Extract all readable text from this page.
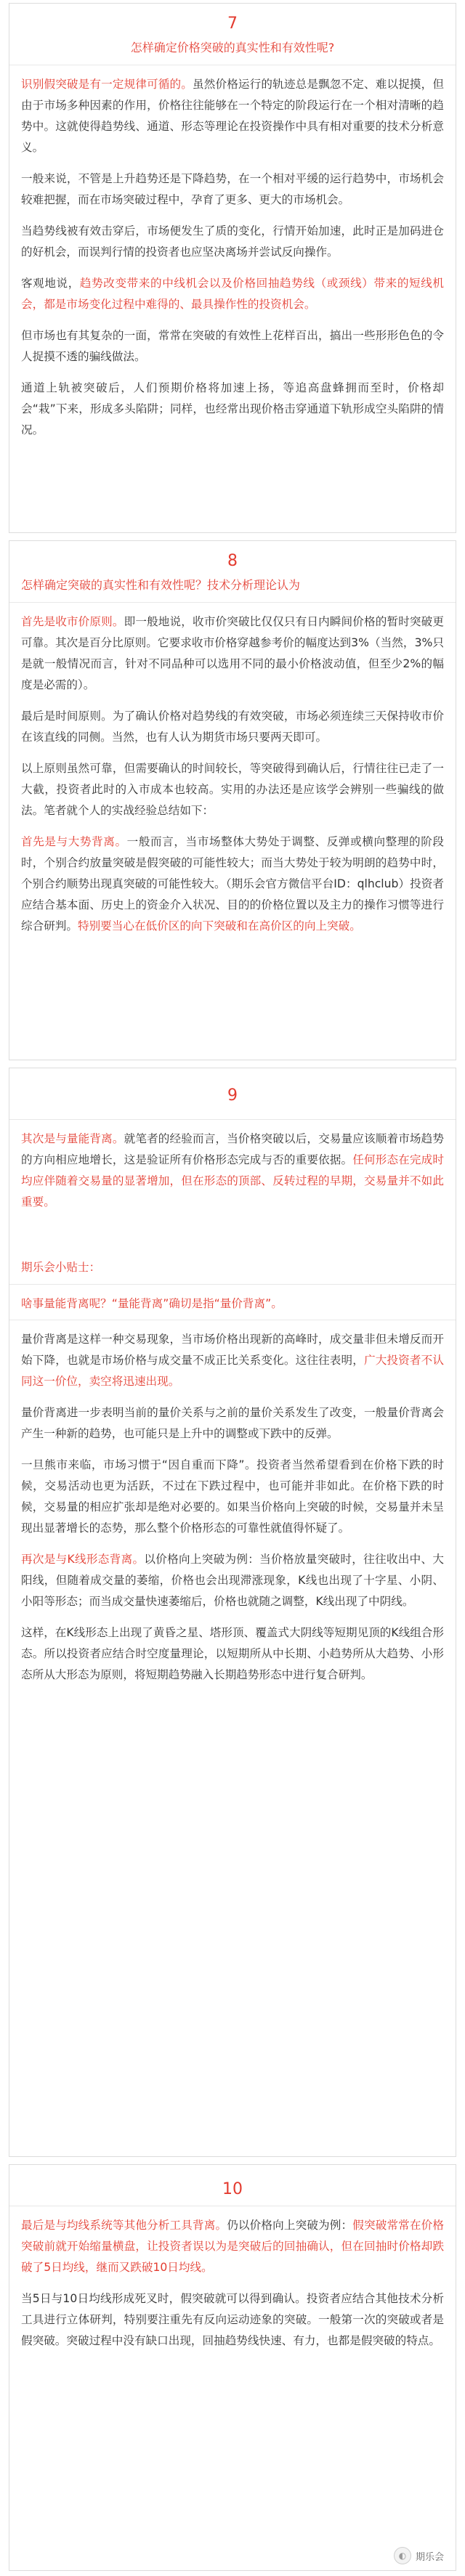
7
怎样确定价格突破的真实性和有效性呢?

识别假突破是有一定规律可循的。虽然价格运行的轨迹总是飘忽不定、难以捉摸，但由于市场多种因素的作用，价格往往能够在一个特定的阶段运行在一个相对清晰的趋势中。这就使得趋势线、通道、形态等理论在投资操作中具有相对重要的技术分析意义。

一般来说，不管是上升趋势还是下降趋势，在一个相对平缓的运行趋势中，市场机会较难把握，而在市场突破过程中，孕育了更多、更大的市场机会。

当趋势线被有效击穿后，市场便发生了质的变化，行情开始加速，此时正是加码进仓的好机会，而误判行情的投资者也应坚决离场并尝试反向操作。

客观地说，趋势改变带来的中线机会以及价格回抽趋势线（或颈线）带来的短线机会，都是市场变化过程中难得的、最具操作性的投资机会。

但市场也有其复杂的一面，常常在突破的有效性上花样百出，搞出一些形形色色的令人捉摸不透的骗线做法。

通道上轨被突破后，人们预期价格将加速上扬，等追高盘蜂拥而至时，价格却会“栽”下来，形成多头陷阱；同样，也经常出现价格击穿通道下轨形成空头陷阱的情况。

8
怎样确定突破的真实性和有效性呢？技术分析理论认为

首先是收市价原则。即一般地说，收市价突破比仅仅只有日内瞬间价格的暂时突破更可靠。其次是百分比原则。它要求收市价格穿越参考价的幅度达到3%（当然，3%只是就一般情况而言，针对不同品种可以选用不同的最小价格波动值，但至少2%的幅度是必需的）。

最后是时间原则。为了确认价格对趋势线的有效突破，市场必须连续三天保持收市价在该直线的同侧。当然，也有人认为期货市场只要两天即可。

以上原则虽然可靠，但需要确认的时间较长，等突破得到确认后，行情往往已走了一大截，投资者此时的入市成本也较高。实用的办法还是应该学会辨别一些骗线的做法。笔者就个人的实战经验总结如下：

首先是与大势背离。一般而言，当市场整体大势处于调整、反弹或横向整理的阶段时，个别合约放量突破是假突破的可能性较大；而当大势处于较为明朗的趋势中时，个别合约顺势出现真突破的可能性较大。（期乐会官方微信平台ID：qlhclub）投资者应结合基本面、历史上的资金介入状况、目的的价格位置以及主力的操作习惯等进行综合研判。特别要当心在低价区的向下突破和在高价区的向上突破。

9

其次是与量能背离。就笔者的经验而言，当价格突破以后，交易量应该顺着市场趋势的方向相应地增长，这是验证所有价格形态完成与否的重要依据。任何形态在完成时均应伴随着交易量的显著增加，但在形态的顶部、反转过程的早期，交易量并不如此重要。

期乐会小贴士：
啥事量能背离呢？“量能背离”确切是指“量价背离”。

量价背离是这样一种交易现象，当市场价格出现新的高峰时，成交量非但未增反而开始下降，也就是市场价格与成交量不成正比关系变化。这往往表明，广大投资者不认同这一价位，卖空将迅速出现。

量价背离进一步表明当前的量价关系与之前的量价关系发生了改变，一般量价背离会产生一种新的趋势，也可能只是上升中的调整或下跌中的反弹。

一旦熊市来临，市场习惯于“因自重而下降”。投资者当然希望看到在价格下跌的时候，交易活动也更为活跃，不过在下跌过程中，也可能并非如此。在价格下跌的时候，交易量的相应扩张却是绝对必要的。如果当价格向上突破的时候，交易量并未呈现出显著增长的态势，那么整个价格形态的可靠性就值得怀疑了。

再次是与K线形态背离。以价格向上突破为例：当价格放量突破时，往往收出中、大阳线，但随着成交量的萎缩，价格也会出现滞涨现象，K线也出现了十字星、小阴、小阳等形态；而当成交量快速萎缩后，价格也就随之调整，K线出现了中阴线。

这样，在K线形态上出现了黄昏之星、塔形顶、覆盖式大阴线等短期见顶的K线组合形态。所以投资者应结合时空度量理论，以短期所从中长期、小趋势所从大趋势、小形态所从大形态为原则，将短期趋势融入长期趋势形态中进行复合研判。

10

最后是与均线系统等其他分析工具背离。仍以价格向上突破为例：假突破常常在价格突破前就开始缩量横盘，让投资者误以为是突破后的回抽确认，但在回抽时价格却跌破了5日均线，继而又跌破10日均线。

当5日与10日均线形成死叉时，假突破就可以得到确认。投资者应结合其他技术分析工具进行立体研判，特别要注重先有反向运动迹象的突破。一般第一次的突破或者是假突破。突破过程中没有缺口出现，回抽趋势线快速、有力，也都是假突破的特点。

◐ 期乐会
